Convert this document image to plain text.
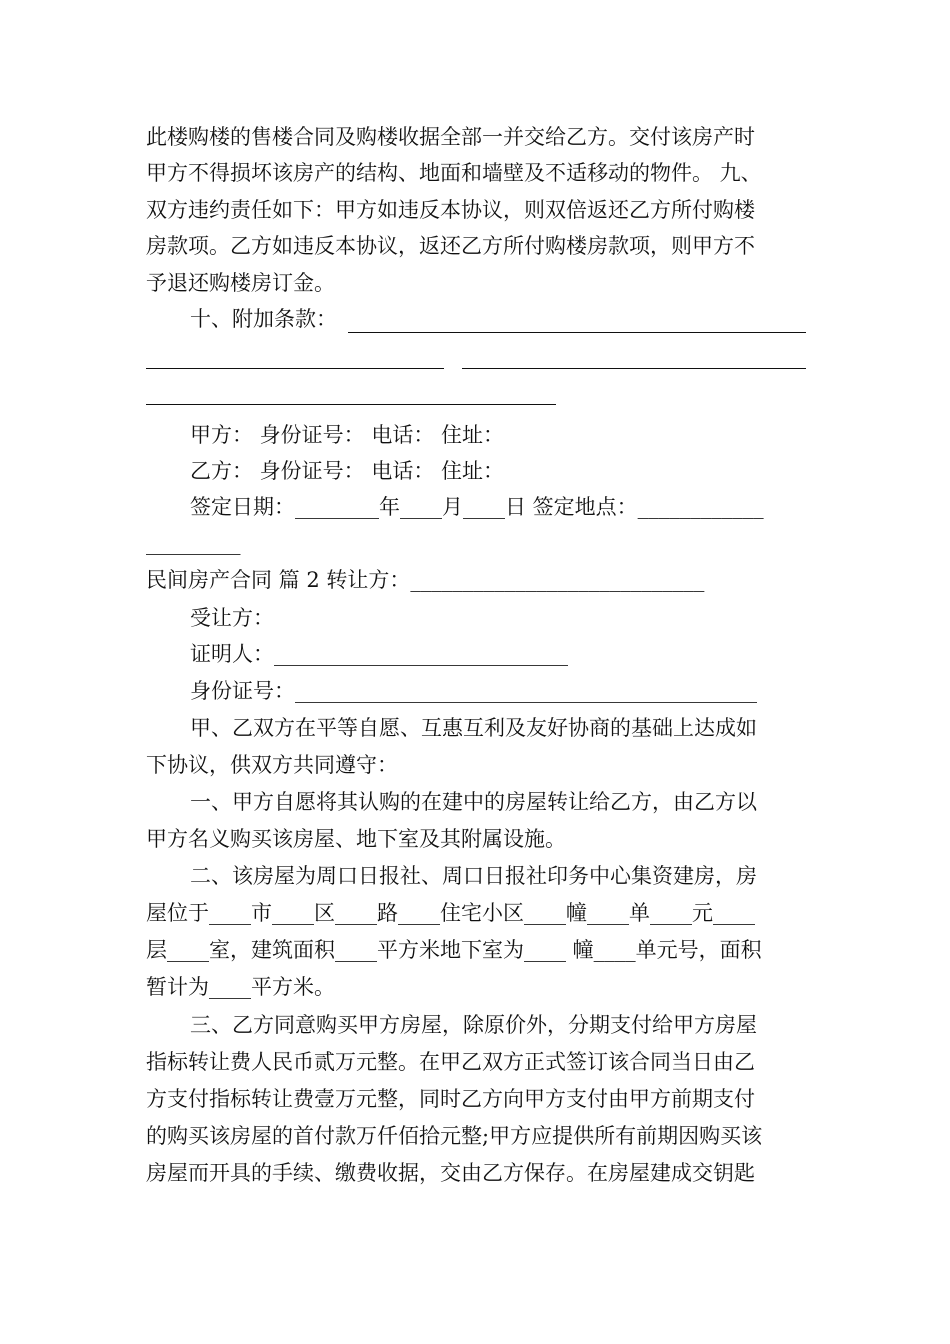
此楼购楼的售楼合同及购楼收据全部一并交给乙方。交付该房产时
甲方不得损坏该房产的结构、地面和墙壁及不适移动的物件。 九、
双方违约责任如下：甲方如违反本协议，则双倍返还乙方所付购楼
房款项。乙方如违反本协议，返还乙方所付购楼房款项，则甲方不
予退还购楼房订金。
十、附加条款：
甲方： 身份证号： 电话： 住址：
乙方： 身份证号： 电话： 住址：
签定日期：________年____月____日 签定地点：____________
_________
民间房产合同 篇 2 转让方：____________________________
受让方：
证明人：____________________________
身份证号：____________________________________________
甲、乙双方在平等自愿、互惠互利及友好协商的基础上达成如
下协议，供双方共同遵守：
一、甲方自愿将其认购的在建中的房屋转让给乙方，由乙方以
甲方名义购买该房屋、地下室及其附属设施。
二、该房屋为周口日报社、周口日报社印务中心集资建房，房
屋位于____市____区____路____住宅小区____幢____单____元____
层____室，建筑面积____平方米地下室为____ 幢____单元号，面积
暂计为____平方米。
三、乙方同意购买甲方房屋，除原价外，分期支付给甲方房屋
指标转让费人民币贰万元整。在甲乙双方正式签订该合同当日由乙
方支付指标转让费壹万元整，同时乙方向甲方支付由甲方前期支付
的购买该房屋的首付款万仟佰拾元整;甲方应提供所有前期因购买该
房屋而开具的手续、缴费收据，交由乙方保存。在房屋建成交钥匙
